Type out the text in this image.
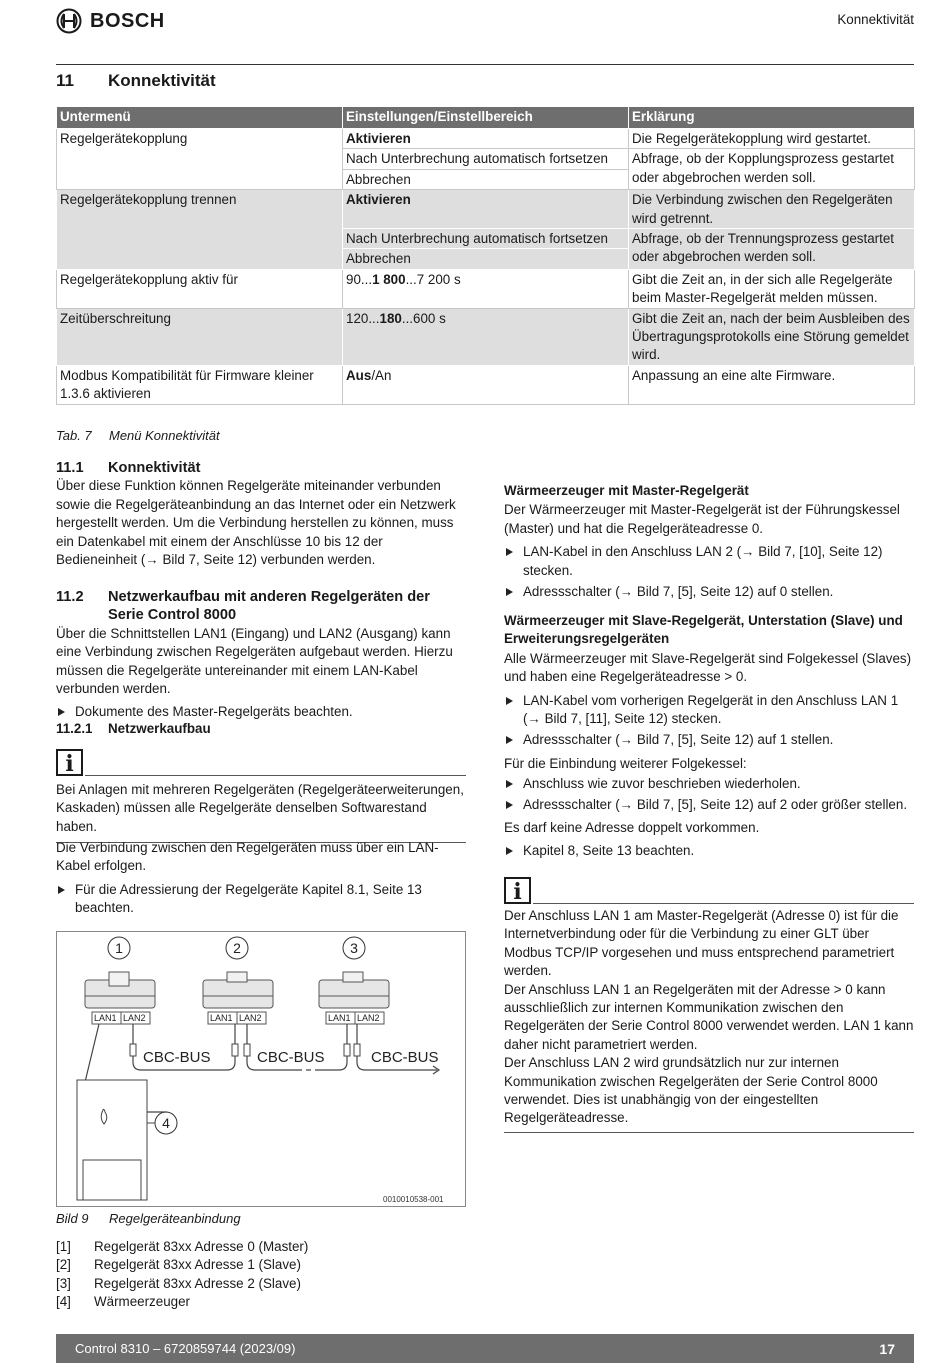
BOSCH	Konnektivität
11 Konnektivität
Untermenü	Einstellungen/Einstellbereich	Erklärung
Regelgerätekopplung	Aktivieren	Die Regelgerätekopplung wird gestartet.
	Nach Unterbrechung automatisch fortsetzen	Abfrage, ob der Kopplungsprozess gestartet oder abgebrochen werden soll.
	Abbrechen	
Regelgerätekopplung trennen	Aktivieren	Die Verbindung zwischen den Regelgeräten wird getrennt.
	Nach Unterbrechung automatisch fortsetzen	Abfrage, ob der Trennungsprozess gestartet oder abgebrochen werden soll.
	Abbrechen	
Regelgerätekopplung aktiv für	90...1 800...7 200 s	Gibt die Zeit an, in der sich alle Regelgeräte beim Master-Regelgerät melden müssen.
Zeitüberschreitung	120...180...600 s	Gibt die Zeit an, nach der beim Ausbleiben des Übertragungsprotokolls eine Störung gemeldet wird.
Modbus Kompatibilität für Firmware kleiner 1.3.6 aktivieren	Aus/An	Anpassung an eine alte Firmware.
Tab. 7 Menü Konnektivität
11.1 Konnektivität

Über diese Funktion können Regelgeräte miteinander verbunden sowie die Regelgeräteanbindung an das Internet oder ein Netzwerk hergestellt werden. Um die Verbindung herstellen zu können, muss ein Datenkabel mit einem der Anschlüsse 10 bis 12 der Bedieneinheit (→ Bild 7, Seite 12) verbunden werden.

11.2	Netzwerkaufbau mit anderen Regelgeräten der Serie Control 8000

Über die Schnittstellen LAN1 (Eingang) und LAN2 (Ausgang) kann eine Verbindung zwischen Regelgeräten aufgebaut werden. Hierzu müssen die Regelgeräte untereinander mit einem LAN-Kabel verbunden werden.

Dokumente des Master-Regelgeräts beachten.

11.2.1 Netzwerkaufbau
i

Bei Anlagen mit mehreren Regelgeräten (Regelgeräteerweiterungen, Kaskaden) müssen alle Regelgeräte denselben Softwarestand haben.

Die Verbindung zwischen den Regelgeräten muss über ein LAN-Kabel erfolgen.

Für die Adressierung der Regelgeräte Kapitel 8.1, Seite 13 beachten.

1	2	3
4
LAN1 LAN2	LAN1 LAN2	LAN1 LAN2
CBC-BUS	CBC-BUS	CBC-BUS
0010010538-001
Bild 9 Regelgeräteanbindung
[1]	Regelgerät 83xx Adresse 0 (Master)
[2]	Regelgerät 83xx Adresse 1 (Slave)
[3]	Regelgerät 83xx Adresse 2 (Slave)
[4]	Wärmeerzeuger
Wärmeerzeuger mit Master-Regelgerät

Der Wärmeerzeuger mit Master-Regelgerät ist der Führungskessel (Master) und hat die Regelgeräteadresse 0.

LAN-Kabel in den Anschluss LAN 2 (→ Bild 7, [10], Seite 12) stecken.

Adressschalter (→ Bild 7, [5], Seite 12) auf 0 stellen.

Wärmeerzeuger mit Slave-Regelgerät, Unterstation (Slave) und Erweiterungsregelgeräten

Alle Wärmeerzeuger mit Slave-Regelgerät sind Folgekessel (Slaves) und haben eine Regelgeräteadresse > 0.

LAN-Kabel vom vorherigen Regelgerät in den Anschluss LAN 1 (→ Bild 7, [11], Seite 12) stecken.

Adressschalter (→ Bild 7, [5], Seite 12) auf 1 stellen.

Für die Einbindung weiterer Folgekessel:

Anschluss wie zuvor beschrieben wiederholen.

Adressschalter (→ Bild 7, [5], Seite 12) auf 2 oder größer stellen.

Es darf keine Adresse doppelt vorkommen.

Kapitel 8, Seite 13 beachten.

i

Der Anschluss LAN 1 am Master-Regelgerät (Adresse 0) ist für die Internetverbindung oder für die Verbindung zu einer GLT über Modbus TCP/IP vorgesehen und muss entsprechend parametriert werden.
Der Anschluss LAN 1 an Regelgeräten mit der Adresse > 0 kann ausschließlich zur internen Kommunikation zwischen den Regelgeräten der Serie Control 8000 verwendet werden. LAN 1 kann daher nicht parametriert werden.
Der Anschluss LAN 2 wird grundsätzlich nur zur internen Kommunikation zwischen Regelgeräten der Serie Control 8000 verwendet. Dies ist unabhängig von der eingestellten Regelgeräteadresse.

Control 8310 – 6720859744 (2023/09)	17
